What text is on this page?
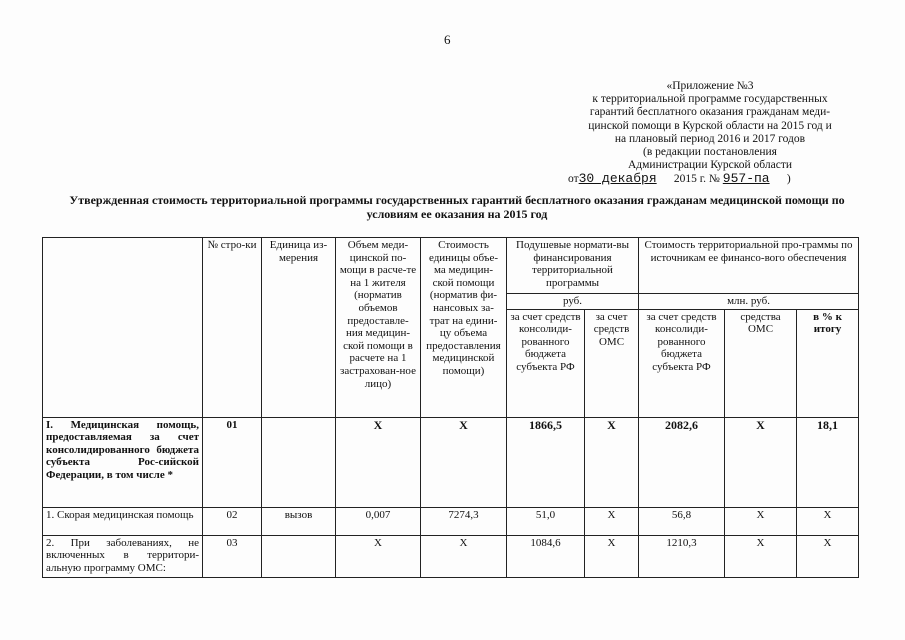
6
«Приложение №3
к территориальной программе государственных
гарантий бесплатного оказания гражданам меди-
цинской помощи в Курской области на 2015 год и
на плановый период 2016 и 2017 годов
(в редакции постановления
Администрации Курской области
от30 декабря 2015 г. № 957-па )
Утвержденная стоимость территориальной программы государственных гарантий бесплатного оказания гражданам медицинской помощи по условиям ее оказания на 2015 год
	№ стро-ки	Единица из-мерения	Объем меди-цинской по-мощи в расче-те на 1 жителя (норматив объемов предоставле-ния медицин-ской помощи в расчете на 1 застрахован-ное лицо)	Стоимость единицы объе-ма медицин-ской помощи (норматив фи-нансовых за-трат на едини-цу объема предоставления медицинской помощи)	Подушевые нормати-вы финансирования территориальной программы		Стоимость территориальной про-граммы по источникам ее финансо-вого обеспечения		
					руб.		млн. руб.		
					за счет средств консолиди-рованного бюджета субъекта РФ	за счет средств ОМС	за счет средств консолиди-рованного бюджета субъекта РФ	средства ОМС	в % к итогу
I. Медицинская помощь, предоставляемая за счет консолидированного бюджета субъекта Рос-сийской Федерации, в том числе *	01		X	X	1866,5	X	2082,6	X	18,1
1. Скорая медицинская помощь	02	вызов	0,007	7274,3	51,0	X	56,8	X	X
2. При заболеваниях, не включенных в территори-альную программу ОМС:	03		X	X	1084,6	X	1210,3	X	X
